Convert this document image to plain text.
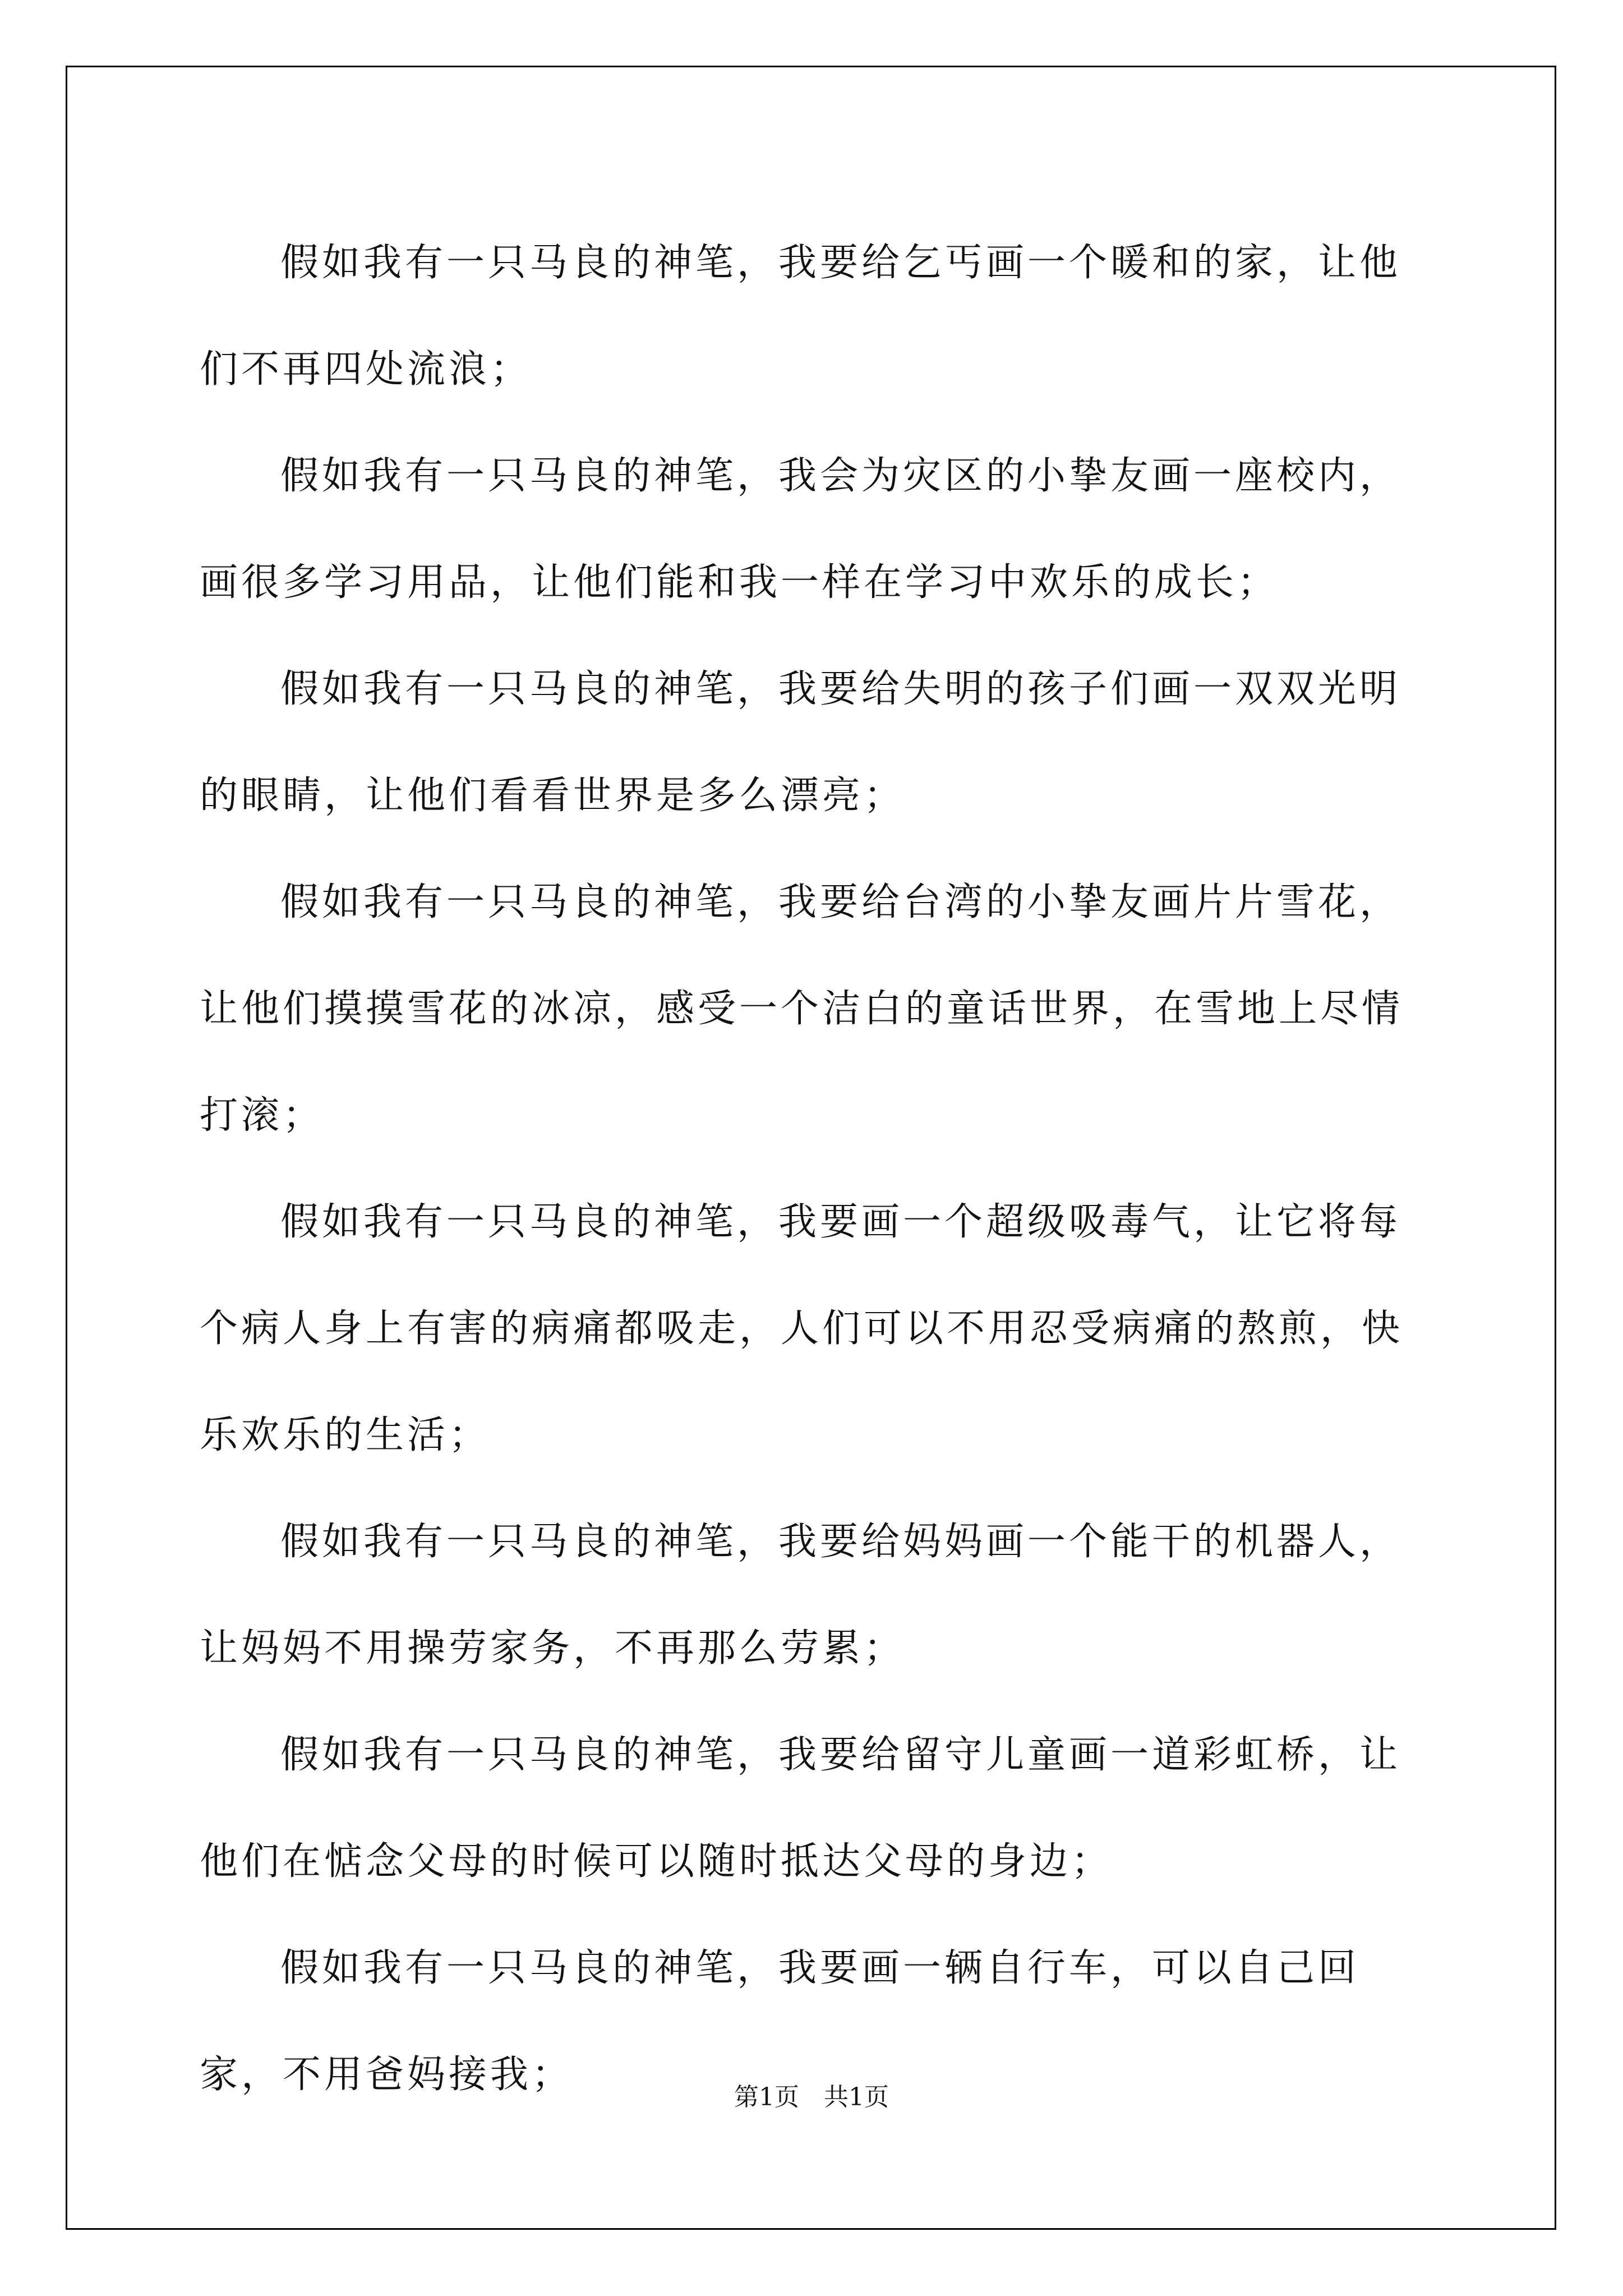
假如我有一只马良的神笔，我要给乞丐画一个暖和的家，让他们不再四处流浪；

假如我有一只马良的神笔，我会为灾区的小挚友画一座校内，画很多学习用品，让他们能和我一样在学习中欢乐的成长；

假如我有一只马良的神笔，我要给失明的孩子们画一双双光明的眼睛，让他们看看世界是多么漂亮；

假如我有一只马良的神笔，我要给台湾的小挚友画片片雪花，让他们摸摸雪花的冰凉，感受一个洁白的童话世界，在雪地上尽情打滚；

假如我有一只马良的神笔，我要画一个超级吸毒气，让它将每个病人身上有害的病痛都吸走，人们可以不用忍受病痛的熬煎，快乐欢乐的生活；

假如我有一只马良的神笔，我要给妈妈画一个能干的机器人，让妈妈不用操劳家务，不再那么劳累；

假如我有一只马良的神笔，我要给留守儿童画一道彩虹桥，让他们在惦念父母的时候可以随时抵达父母的身边；

假如我有一只马良的神笔，我要画一辆自行车，可以自己回家，不用爸妈接我；

第1页 共1页
